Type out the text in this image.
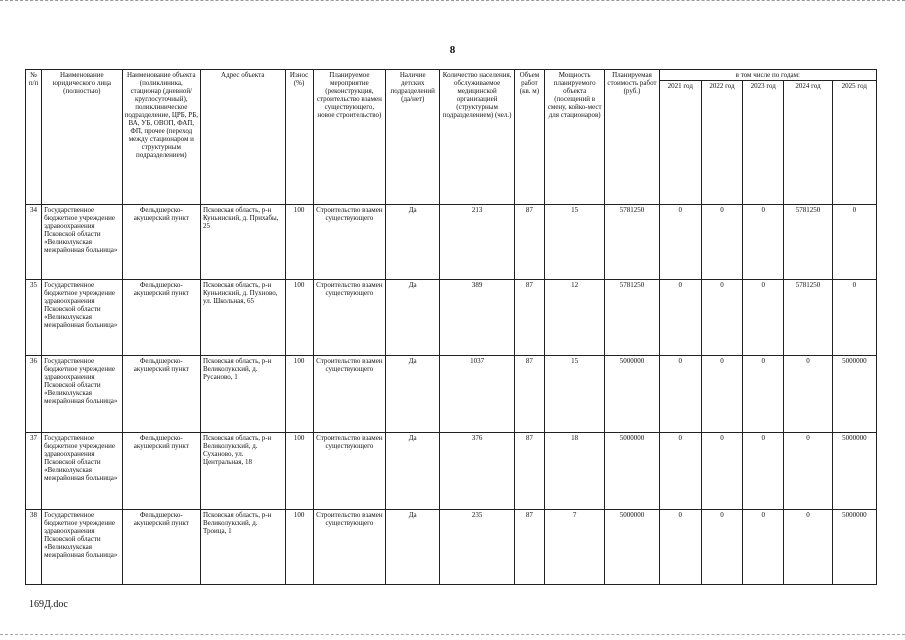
8
№ п/п	Наименование юридического лица (полностью)	Наименование объекта (поликлиника, стационар (дневной/ круглосуточный), поликлиническое подразделение, ЦРБ, РБ, ВА, УБ, ОВОП, ФАП, ФП, прочее (переход между стационаром и структурным подразделением)	Адрес объекта	Износ (%)	Планируемое мероприятие (реконструкция, строительство взамен существующего, новое строительство)	Наличие детских подразделений (да/нет)	Количество населения, обслуживаемое медицинской организацией (структурным подразделением) (чел.)	Объем работ (кв. м)	Мощность планируемого объекта (посещений в смену, койко-мест для стационаров)	Планируемая стоимость работ (руб.)	в том числе по годам:				
											2021 год	2022 год	2023 год	2024 год	2025 год
34	Государственное бюджетное учреждение здравоохранения Псковской области «Великолукская межрайонная больница»	Фельдшерско-акушерский пункт	Псковская область, р-н Куньинский, д. Прихабы, 25	100	Строительство взамен существующего	Да	213	87	15	5781250	0	0	0	5781250	0
35	Государственное бюджетное учреждение здравоохранения Псковской области «Великолукская межрайонная больница»	Фельдшерско-акушерский пункт	Псковская область, р-н Куньинский, д. Пухново, ул. Школьная, 65	100	Строительство взамен существующего	Да	389	87	12	5781250	0	0	0	5781250	0
36	Государственное бюджетное учреждение здравоохранения Псковской области «Великолукская межрайонная больница»	Фельдшерско-акушерский пункт	Псковская область, р-н Великолукский, д. Русаново, 1	100	Строительство взамен существующего	Да	1037	87	15	5000000	0	0	0	0	5000000
37	Государственное бюджетное учреждение здравоохранения Псковской области «Великолукская межрайонная больница»	Фельдшерско-акушерский пункт	Псковская область, р-н Великолукский, д. Суханово, ул. Центральная, 18	100	Строительство взамен существующего	Да	376	87	18	5000000	0	0	0	0	5000000
38	Государственное бюджетное учреждение здравоохранения Псковской области «Великолукская межрайонная больница»	Фельдшерско-акушерский пункт	Псковская область, р-н Великолукский, д. Троица, 1	100	Строительство взамен существующего	Да	235	87	7	5000000	0	0	0	0	5000000
169Д.doc
